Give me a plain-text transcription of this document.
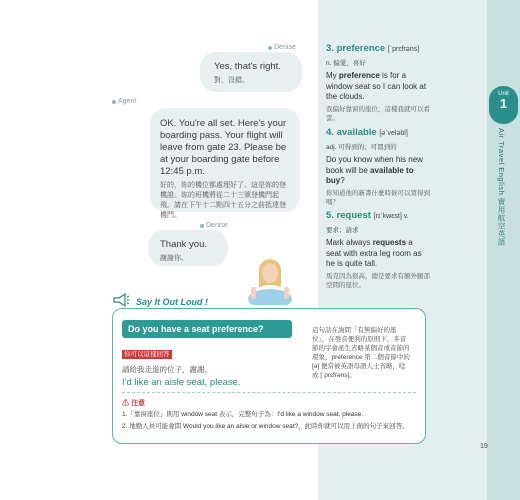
Unit
1
Air Travel English 實用航空英語
Denise
Yes, that's right.
對，沒錯。
Agent
OK. You're all set. Here's your boarding pass. Your flight will leave from gate 23. Please be at your boarding gate before 12:45 p.m.
好的，妳的機位都處理好了。這是妳的登機證。妳的班機將從二十三號登機門起飛。請在下午十二點四十五分之前抵達登機門。
Denise
Thank you.
謝謝你。
3. preference [ˈprɛfrəns]
n. 偏愛、喜好
My preference is for a window seat so I can look at the clouds.
我偏好靠窗的座位，這樣我就可以看雲。
4. available [əˈveləbl]
adj. 可得到的；可買到的
Do you know when his new book will be available to buy?
你知道他的新書什麼時候可以買得到嗎？
5. request [rɪˈkwɛst] v.
要求；請求
Mark always requests a seat with extra leg room as he is quite tall.
馬克因為很高，總是要求有額外腿部空間的座位。
Say It Out Loud !
Do you have a seat preference?	這句話在詢問「有無偏好的座位」，在發音便利的原則下，多音節的字會產生省略某個音或音節的現象，preference 第二個音節中的 [ə] 便常被英語母語人士省略，唸成 [ˈprɛfrəns]。
你可以這樣回答
請給我走道的位子，謝謝。
I'd like an aisle seat, please.
⚠ 注意
1.「靠窗座位」則用 window seat 表示，完整句子為：I'd like a window seat, please.
2. 地勤人員可能會問 Would you like an aisle or window seat?，此時你就可以用上面的句子來回答。
19
